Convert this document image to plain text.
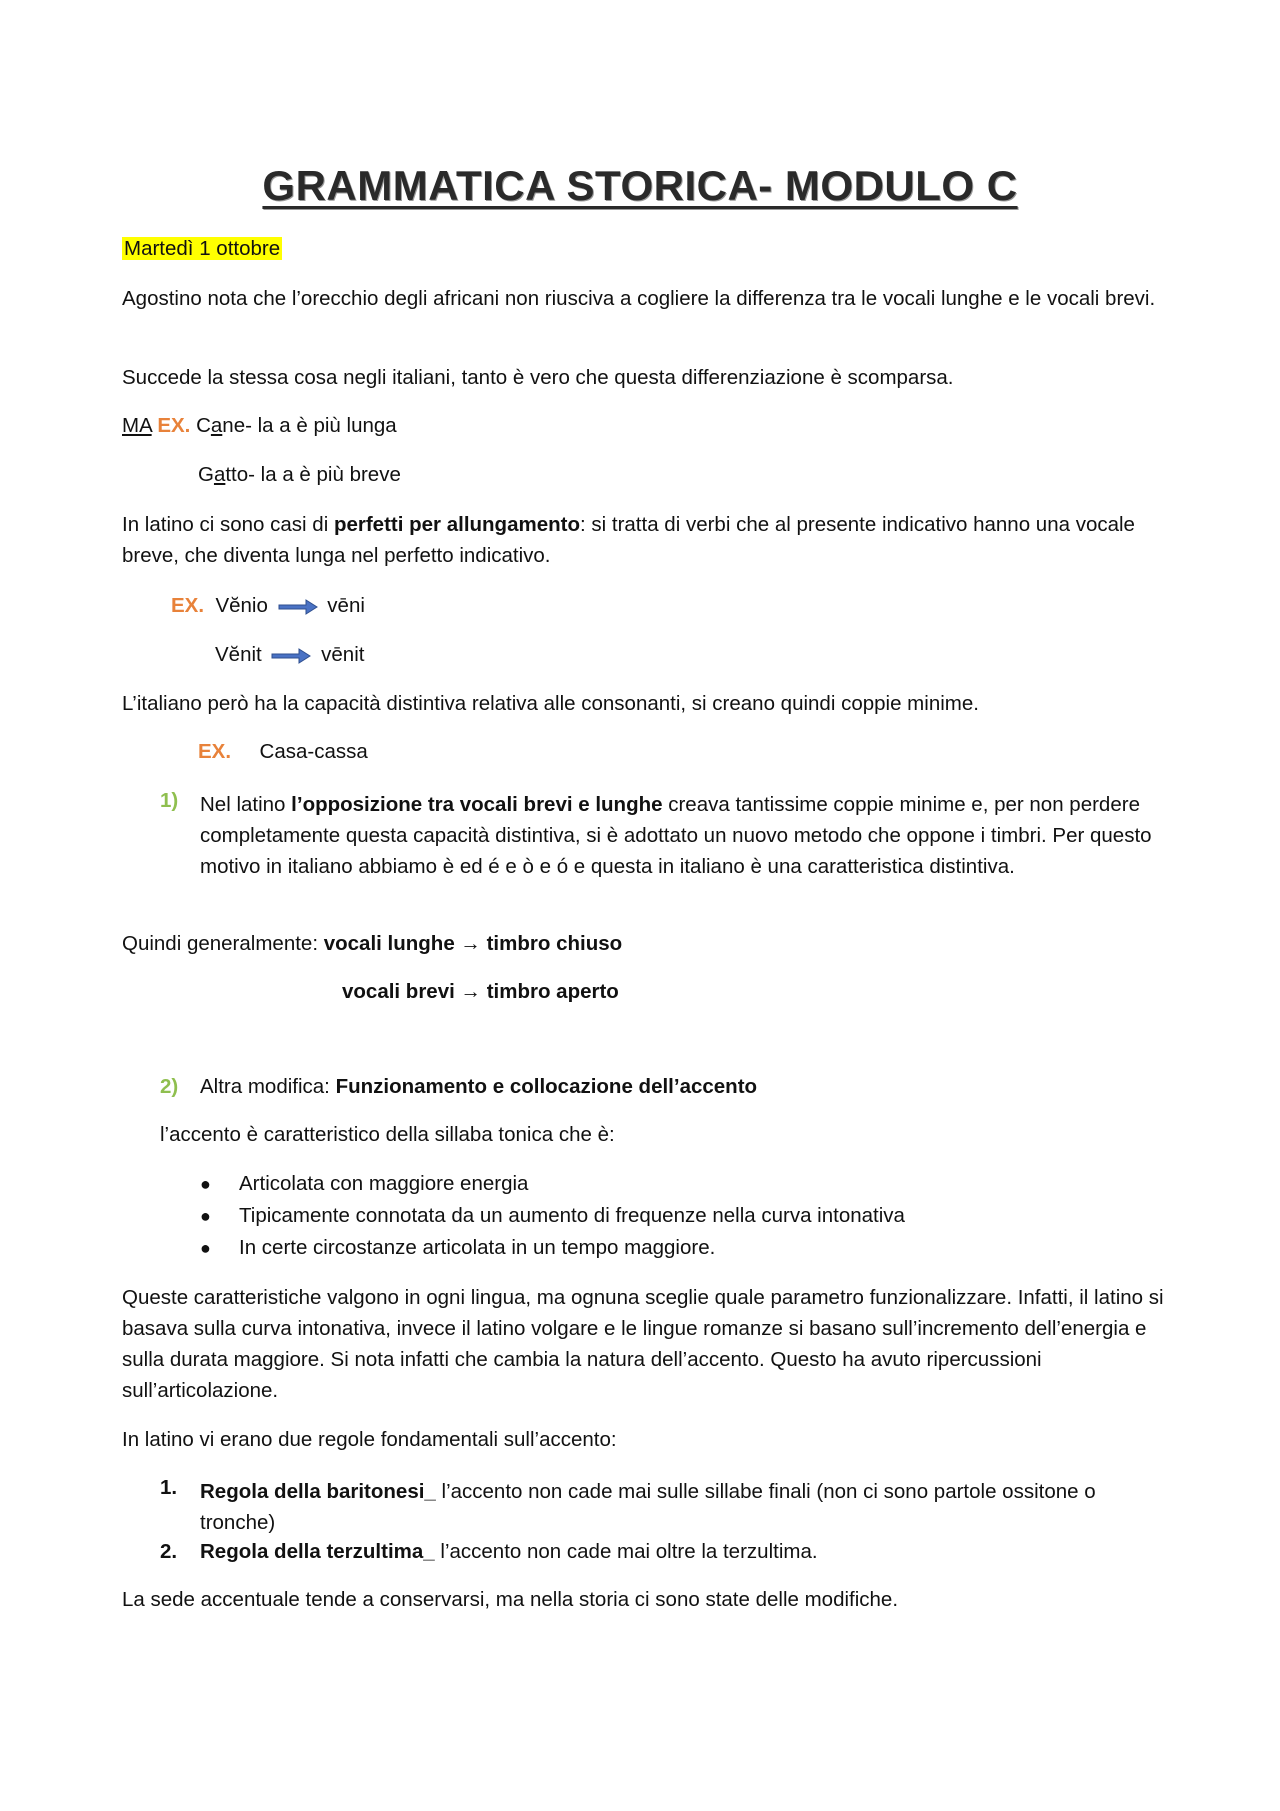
GRAMMATICA STORICA- MODULO C
Martedì 1 ottobre
Agostino nota che l’orecchio degli africani non riusciva a cogliere la differenza tra le vocali lunghe e le vocali brevi.
Succede la stessa cosa negli italiani, tanto è vero che questa differenziazione è scomparsa.
MA EX. Cane- la a è più lunga
Gatto- la a è più breve
In latino ci sono casi di perfetti per allungamento: si tratta di verbi che al presente indicativo hanno una vocale breve, che diventa lunga nel perfetto indicativo.
EX. Vĕnio	vēni
Vĕnit	vēnit
L’italiano però ha la capacità distintiva relativa alle consonanti, si creano quindi coppie minime.
EX. Casa-cassa
1) Nel latino l’opposizione tra vocali brevi e lunghe creava tantissime coppie minime e, per non perdere completamente questa capacità distintiva, si è adottato un nuovo metodo che oppone i timbri. Per questo motivo in italiano abbiamo è ed é e ò e ó e questa in italiano è una caratteristica distintiva.
Quindi generalmente: vocali lunghe → timbro chiuso
vocali brevi → timbro aperto
2) Altra modifica: Funzionamento e collocazione dell’accento
l’accento è caratteristico della sillaba tonica che è:
● Articolata con maggiore energia
● Tipicamente connotata da un aumento di frequenze nella curva intonativa
● In certe circostanze articolata in un tempo maggiore.
Queste caratteristiche valgono in ogni lingua, ma ognuna sceglie quale parametro funzionalizzare. Infatti, il latino si basava sulla curva intonativa, invece il latino volgare e le lingue romanze si basano sull’incremento dell’energia e sulla durata maggiore. Si nota infatti che cambia la natura dell’accento. Questo ha avuto ripercussioni sull’articolazione.
In latino vi erano due regole fondamentali sull’accento:
1. Regola della baritonesi_ l’accento non cade mai sulle sillabe finali (non ci sono partole ossitone o tronche)
2. Regola della terzultima_ l’accento non cade mai oltre la terzultima.
La sede accentuale tende a conservarsi, ma nella storia ci sono state delle modifiche.
